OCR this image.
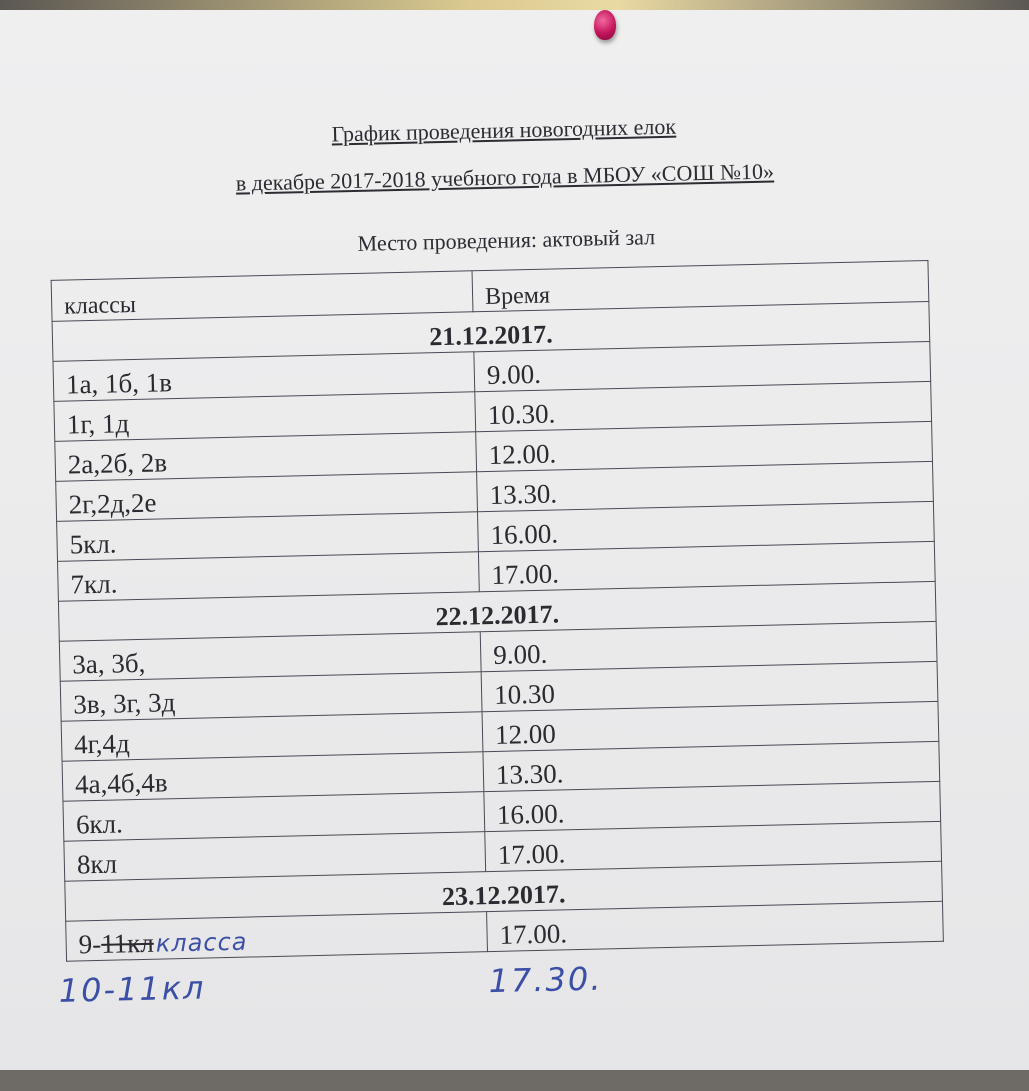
График проведения новогодних елок
в декабре 2017-2018 учебного года в МБОУ «СОШ №10»
Место проведения: актовый зал
классы	Время
21.12.2017.	
1а, 1б, 1в	9.00.
1г, 1д	10.30.
2а,2б, 2в	12.00.
2г,2д,2е	13.30.
5кл.	16.00.
7кл.	17.00.
22.12.2017.	
3а, 3б,	9.00.
3в, 3г, 3д	10.30
4г,4д	12.00
4а,4б,4в	13.30.
6кл.	16.00.
8кл	17.00.
23.12.2017.	
9-11клкласса	17.00.
10-11кл	17.30.
